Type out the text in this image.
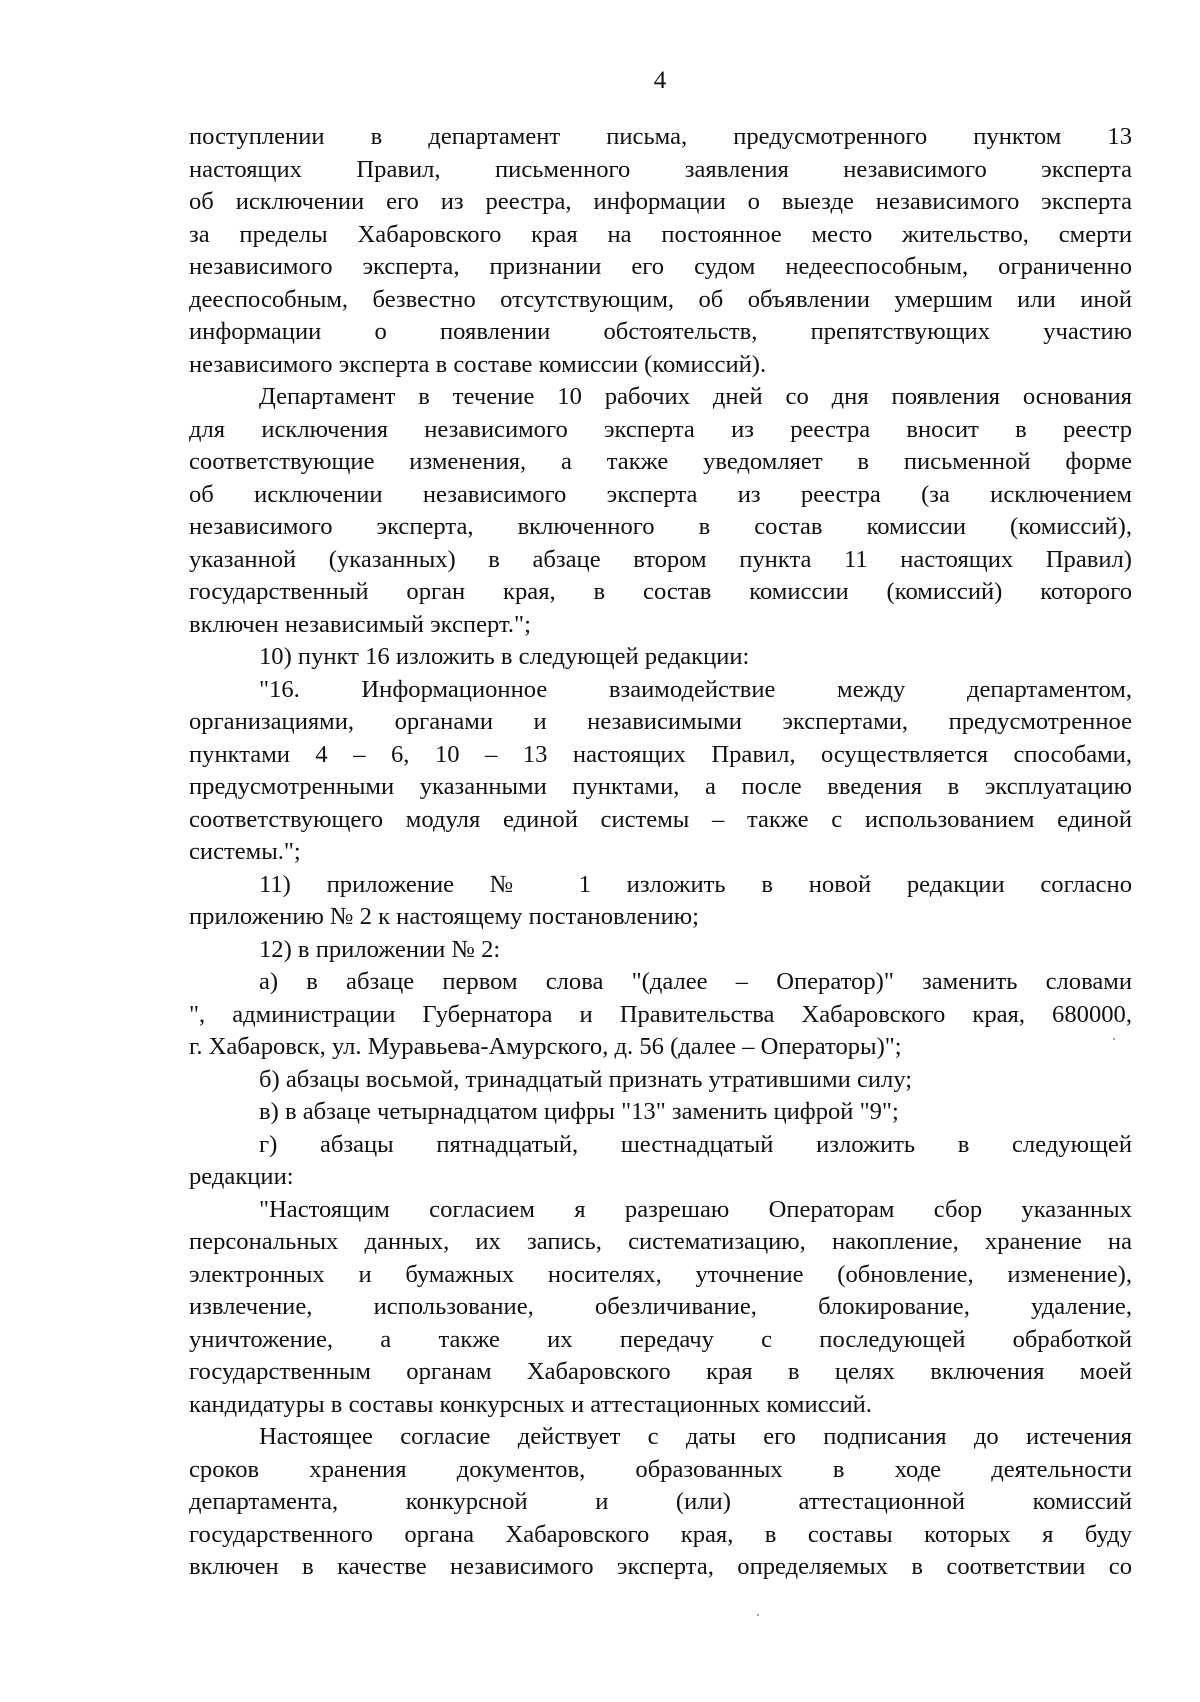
4
поступлении в департамент письма, предусмотренного пунктом 13
настоящих Правил, письменного заявления независимого эксперта
об исключении его из реестра, информации о выезде независимого эксперта
за пределы Хабаровского края на постоянное место жительство, смерти
независимого эксперта, признании его судом недееспособным, ограниченно
дееспособным, безвестно отсутствующим, об объявлении умершим или иной
информации о появлении обстоятельств, препятствующих участию
независимого эксперта в составе комиссии (комиссий).
Департамент в течение 10 рабочих дней со дня появления основания
для исключения независимого эксперта из реестра вносит в реестр
соответствующие изменения, а также уведомляет в письменной форме
об исключении независимого эксперта из реестра (за исключением
независимого эксперта, включенного в состав комиссии (комиссий),
указанной (указанных) в абзаце втором пункта 11 настоящих Правил)
государственный орган края, в состав комиссии (комиссий) которого
включен независимый эксперт.";
10) пункт 16 изложить в следующей редакции:
"16. Информационное взаимодействие между департаментом,
организациями, органами и независимыми экспертами, предусмотренное
пунктами 4 – 6, 10 – 13 настоящих Правил, осуществляется способами,
предусмотренными указанными пунктами, а после введения в эксплуатацию
соответствующего модуля единой системы – также с использованием единой
системы.";
11) приложение № 1 изложить в новой редакции согласно
приложению № 2 к настоящему постановлению;
12) в приложении № 2:
а) в абзаце первом слова "(далее – Оператор)" заменить словами
", администрации Губернатора и Правительства Хабаровского края, 680000,
г. Хабаровск, ул. Муравьева-Амурского, д. 56 (далее – Операторы)";
б) абзацы восьмой, тринадцатый признать утратившими силу;
в) в абзаце четырнадцатом цифры "13" заменить цифрой "9";
г) абзацы пятнадцатый, шестнадцатый изложить в следующей
редакции:
"Настоящим согласием я разрешаю Операторам сбор указанных
персональных данных, их запись, систематизацию, накопление, хранение на
электронных и бумажных носителях, уточнение (обновление, изменение),
извлечение, использование, обезличивание, блокирование, удаление,
уничтожение, а также их передачу с последующей обработкой
государственным органам Хабаровского края в целях включения моей
кандидатуры в составы конкурсных и аттестационных комиссий.
Настоящее согласие действует с даты его подписания до истечения
сроков хранения документов, образованных в ходе деятельности
департамента, конкурсной и (или) аттестационной комиссий
государственного органа Хабаровского края, в составы которых я буду
включен в качестве независимого эксперта, определяемых в соответствии со
